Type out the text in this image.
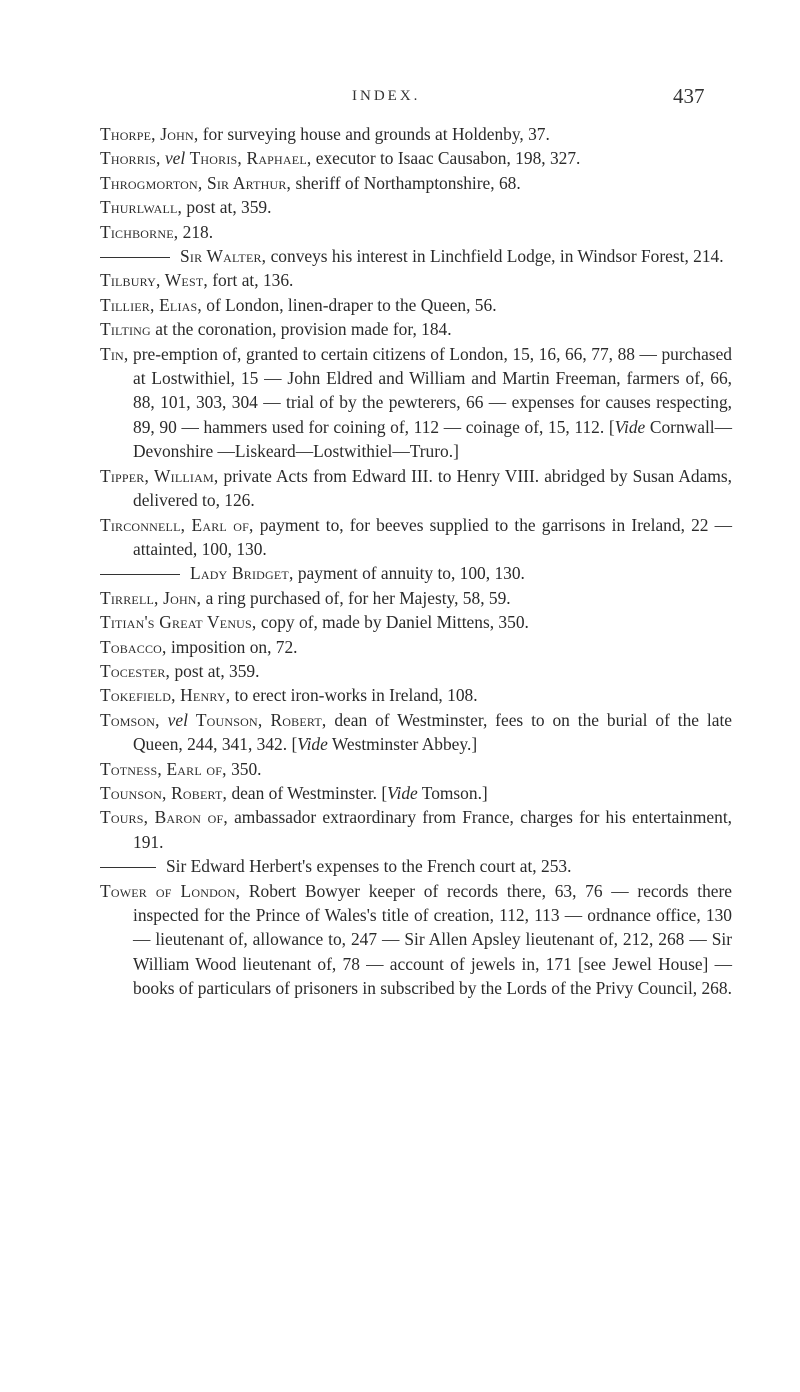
INDEX.	437

Thorpe, John, for surveying house and grounds at Holdenby, 37.

Thorris, vel Thoris, Raphael, executor to Isaac Causabon, 198, 327.

Throgmorton, Sir Arthur, sheriff of Northamptonshire, 68.

Thurlwall, post at, 359.

Tichborne, 218.

Sir Walter, conveys his interest in Linchfield Lodge, in Windsor Forest, 214.

Tilbury, West, fort at, 136.

Tillier, Elias, of London, linen-draper to the Queen, 56.

Tilting at the coronation, provision made for, 184.

Tin, pre-emption of, granted to certain citizens of London, 15, 16, 66, 77, 88 — purchased at Lostwithiel, 15 — John Eldred and William and Martin Freeman, farmers of, 66, 88, 101, 303, 304 — trial of by the pewterers, 66 — expenses for causes respecting, 89, 90 — hammers used for coining of, 112 — coinage of, 15, 112. [Vide Cornwall—Devonshire —Liskeard—Lostwithiel—Truro.]

Tipper, William, private Acts from Edward III. to Henry VIII. abridged by Susan Adams, delivered to, 126.

Tirconnell, Earl of, payment to, for beeves supplied to the garrisons in Ireland, 22 — attainted, 100, 130.

Lady Bridget, payment of annuity to, 100, 130.

Tirrell, John, a ring purchased of, for her Majesty, 58, 59.

Titian's Great Venus, copy of, made by Daniel Mittens, 350.

Tobacco, imposition on, 72.

Tocester, post at, 359.

Tokefield, Henry, to erect iron-works in Ireland, 108.

Tomson, vel Tounson, Robert, dean of Westminster, fees to on the burial of the late Queen, 244, 341, 342. [Vide Westminster Abbey.]

Totness, Earl of, 350.

Tounson, Robert, dean of Westminster. [Vide Tomson.]

Tours, Baron of, ambassador extraordinary from France, charges for his entertainment, 191.

Sir Edward Herbert's expenses to the French court at, 253.

Tower of London, Robert Bowyer keeper of records there, 63, 76 — records there inspected for the Prince of Wales's title of creation, 112, 113 — ordnance office, 130 — lieutenant of, allowance to, 247 — Sir Allen Apsley lieutenant of, 212, 268 — Sir William Wood lieutenant of, 78 — account of jewels in, 171 [see Jewel House] — books of particulars of prisoners in subscribed by the Lords of the Privy Council, 268.
